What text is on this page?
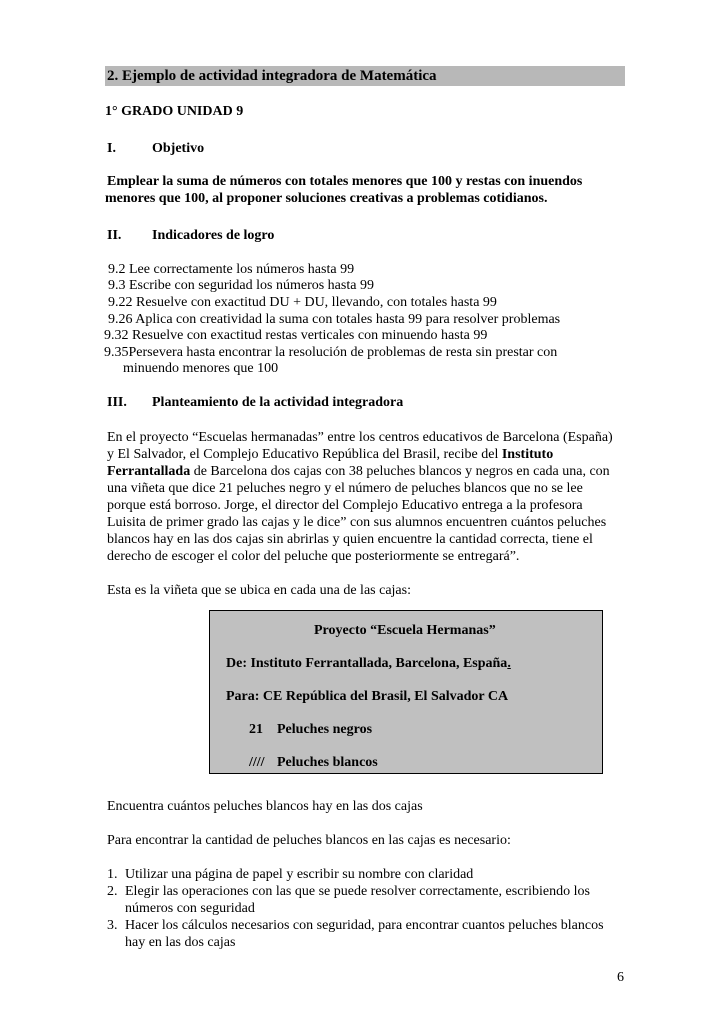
2. Ejemplo de actividad integradora de Matemática
1° GRADO UNIDAD 9
I.	Objetivo
Emplear la suma de números con totales menores que 100 y restas con inuendos
menores que 100, al proponer soluciones creativas a problemas cotidianos.
II. Indicadores de logro
9.2 Lee correctamente los números hasta 99
9.3 Escribe con seguridad los números hasta 99
9.22 Resuelve con exactitud DU + DU, llevando, con totales hasta 99
9.26 Aplica con creatividad la suma con totales hasta 99 para resolver problemas
9.32 Resuelve con exactitud restas verticales con minuendo hasta 99
9.35Persevera hasta encontrar la resolución de problemas de resta sin prestar con
minuendo menores que 100
III. Planteamiento de la actividad integradora
En el proyecto “Escuelas hermanadas” entre los centros educativos de Barcelona (España)
y El Salvador, el Complejo Educativo República del Brasil, recibe del Instituto
Ferrantallada de Barcelona dos cajas con 38 peluches blancos y negros en cada una, con
una viñeta que dice 21 peluches negro y el número de peluches blancos que no se lee
porque está borroso. Jorge, el director del Complejo Educativo entrega a la profesora
Luisita de primer grado las cajas y le dice” con sus alumnos encuentren cuántos peluches
blancos hay en las dos cajas sin abrirlas y quien encuentre la cantidad correcta, tiene el
derecho de escoger el color del peluche que posteriormente se entregará”.
Esta es la viñeta que se ubica en cada una de las cajas:
Proyecto “Escuela Hermanas”
De: Instituto Ferrantallada, Barcelona, España.
Para: CE República del Brasil, El Salvador CA
21 Peluches negros
//// Peluches blancos
Encuentra cuántos peluches blancos hay en las dos cajas
Para encontrar la cantidad de peluches blancos en las cajas es necesario:
1. Utilizar una página de papel y escribir su nombre con claridad
2. Elegir las operaciones con las que se puede resolver correctamente, escribiendo los
números con seguridad
3. Hacer los cálculos necesarios con seguridad, para encontrar cuantos peluches blancos
hay en las dos cajas
6
